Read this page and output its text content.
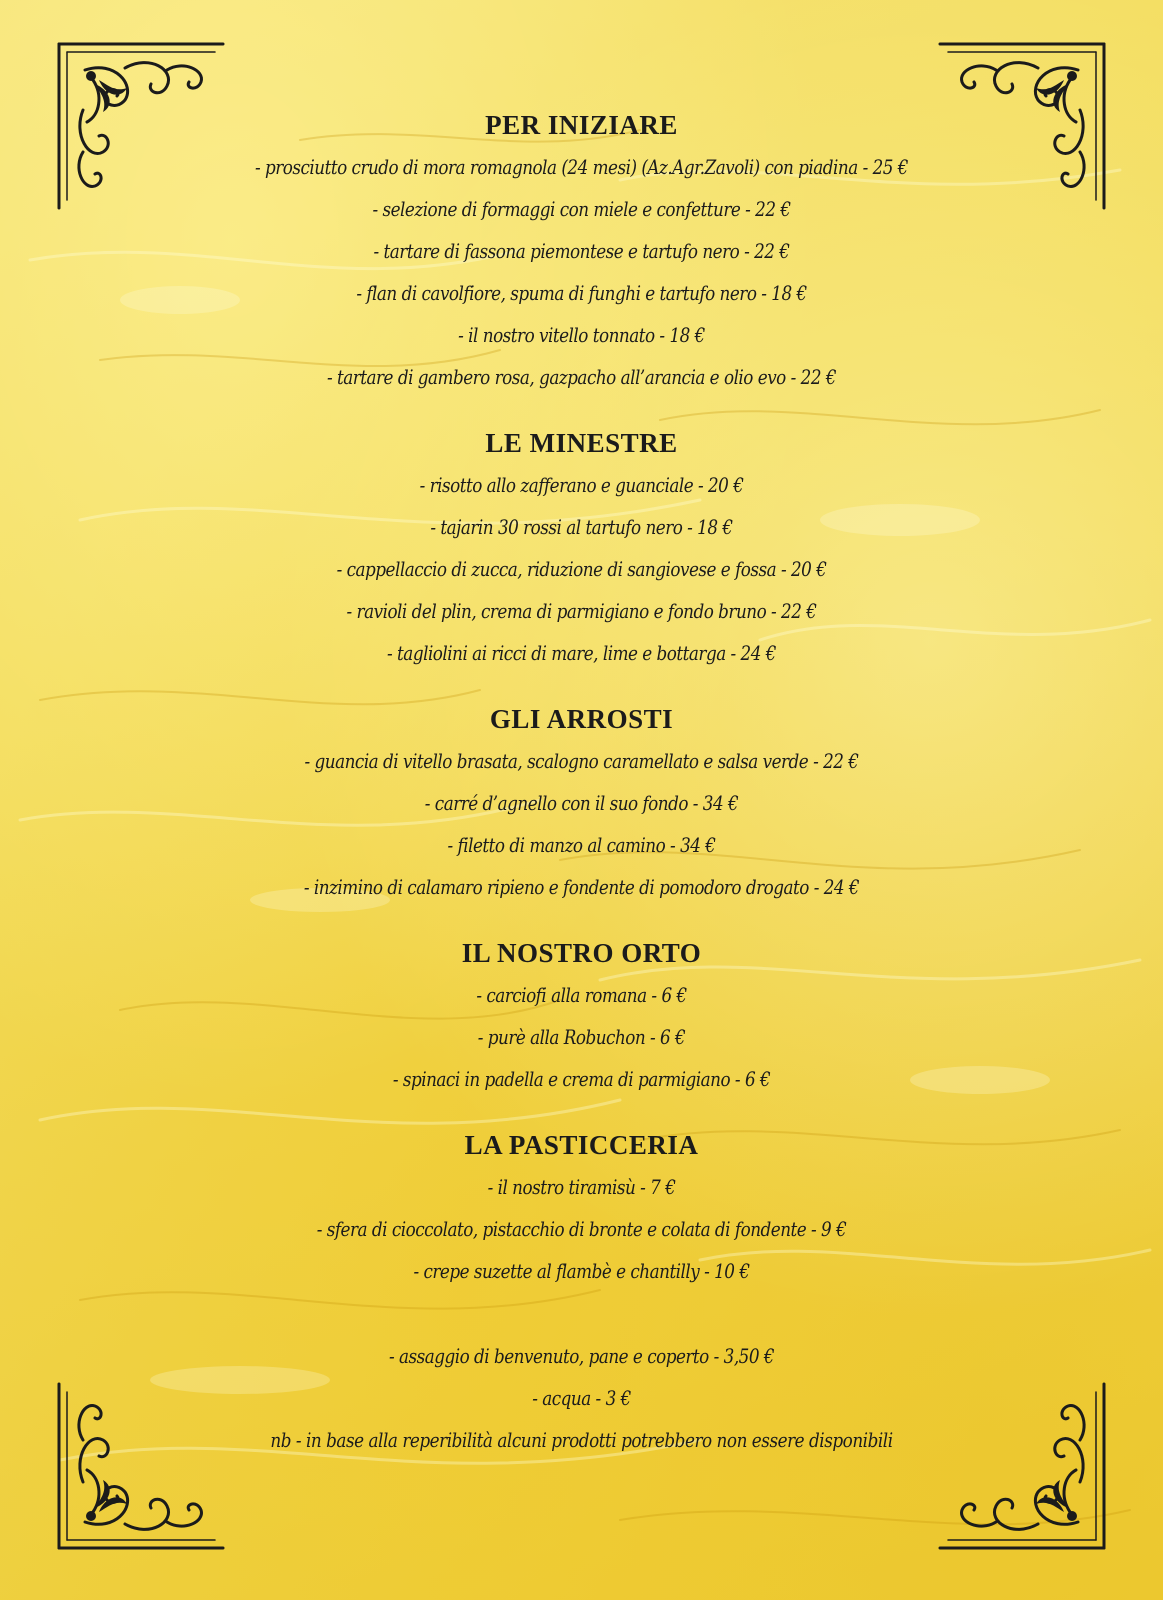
PER INIZIARE
- prosciutto crudo di mora romagnola (24 mesi) (Az.Agr.Zavoli) con piadina - 25 €
- selezione di formaggi con miele e confetture - 22 €
- tartare di fassona piemontese e tartufo nero - 22 €
- flan di cavolfiore, spuma di funghi e tartufo nero - 18 €
- il nostro vitello tonnato - 18 €
- tartare di gambero rosa, gazpacho all’arancia e olio evo - 22 €
LE MINESTRE
- risotto allo zafferano e guanciale - 20 €
- tajarin 30 rossi al tartufo nero - 18 €
- cappellaccio di zucca, riduzione di sangiovese e fossa - 20 €
- ravioli del plin, crema di parmigiano e fondo bruno - 22 €
- tagliolini ai ricci di mare, lime e bottarga - 24 €
GLI ARROSTI
- guancia di vitello brasata, scalogno caramellato e salsa verde - 22 €
- carré d’agnello con il suo fondo - 34 €
- filetto di manzo al camino - 34 €
- inzimino di calamaro ripieno e fondente di pomodoro drogato - 24 €
IL NOSTRO ORTO
- carciofi alla romana - 6 €
- purè alla Robuchon - 6 €
- spinaci in padella e crema di parmigiano - 6 €
LA PASTICCERIA
- il nostro tiramisù - 7 €
- sfera di cioccolato, pistacchio di bronte e colata di fondente - 9 €
- crepe suzette al flambè e chantilly - 10 €
- assaggio di benvenuto, pane e coperto - 3,50 €
- acqua - 3 €
nb - in base alla reperibilità alcuni prodotti potrebbero non essere disponibili
